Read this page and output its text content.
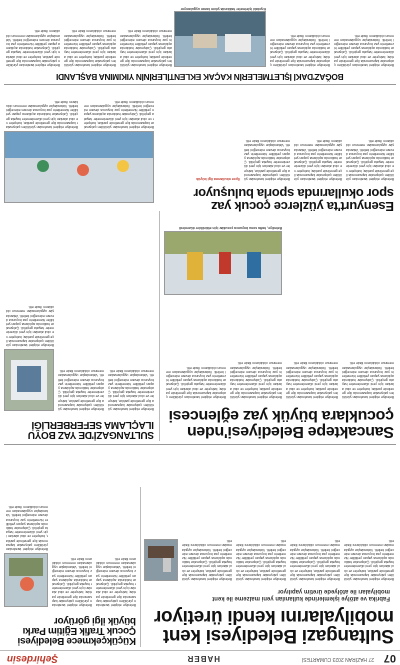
07
27 HAZİRAN 2023 CUMARTESİ
HABER
Şehirdesin
Sultangazi Belediyesi kent
mobilyalarını kendi üretiyor
Fabrika ve atölye işlemlerinde kullanılan yeni malzeme ile kent mobilyaları ile atölyede üretim yapılıyor
Belediye ekipleri tarafından yürütülen çalışmalar kapsamında ilçe genelinde parklar, bahçeler ve okul alanları için yeni düzenlemeler hayata geçirildi. Çalışmalar hakkında açıklama yapan yetkililer hizmetlerin yaz boyunca devam edeceğini belirtti. Vatandaşlar uygulamadan memnun olduklarını ifade etti.
Belediye ekipleri tarafından yürütülen çalışmalar kapsamında ilçe genelinde parklar, bahçeler ve okul alanları için yeni düzenlemeler hayata geçirildi. Çalışmalar hakkında açıklama yapan yetkililer hizmetlerin yaz boyunca devam edeceğini belirtti. Vatandaşlar uygulamadan memnun olduklarını ifade etti.
Belediye ekipleri tarafından yürütülen çalışmalar kapsamında ilçe genelinde parklar, bahçeler ve okul alanları için yeni düzenlemeler hayata geçirildi. Çalışmalar hakkında açıklama yapan yetkililer hizmetlerin yaz boyunca devam edeceğini belirtti. Vatandaşlar uygulamadan memnun olduklarını ifade etti.
Belediye ekipleri tarafından yürütülen çalışmalar kapsamında ilçe genelinde parklar, bahçeler ve okul alanları için yeni düzenlemeler hayata geçirildi. Çalışmalar hakkında açıklama yapan yetkililer hizmetlerin yaz boyunca devam edeceğini belirtti. Vatandaşlar uygulamadan memnun olduklarını ifade etti.
Küçükçekmece Belediyesi
Çocuk Trafik Eğitim Parkı
büyük ilgi görüyor
Belediye ekipleri tarafından yürütülen çalışmalar kapsamında ilçe genelinde parklar, bahçeler ve okul alanları için yeni düzenlemeler hayata geçirildi. Çalışmalar hakkında açıklama yapan yetkililer hizmetlerin yaz boyunca devam edeceğini belirtti. Vatandaşlar uygulamadan memnun olduklarını ifade etti.
Belediye ekipleri tarafından yürütülen çalışmalar kapsamında ilçe genelinde parklar, bahçeler ve okul alanları için yeni düzenlemeler hayata geçirildi. Çalışmalar hakkında açıklama yapan yetkililer hizmetlerin yaz boyunca devam edeceğini belirtti. Vatandaşlar uygulamadan memnun olduklarını ifade etti.
Belediye ekipleri tarafından yürütülen çalışmalar kapsamında ilçe genelinde parklar, bahçeler ve okul alanları için yeni düzenlemeler hayata geçirildi. Çalışmalar hakkında açıklama yapan yetkililer hizmetlerin yaz boyunca devam edeceğini belirtti. Vatandaşlar uygulamadan memnun olduklarını ifade etti.
Sancaktepe Belediyesi'nden
çocuklara büyük yaz eğlencesi
Belediye ekipleri tarafından yürütülen çalışmalar kapsamında ilçe genelinde parklar, bahçeler ve okul alanları için yeni düzenlemeler hayata geçirildi. Çalışmalar hakkında açıklama yapan yetkililer hizmetlerin yaz boyunca devam edeceğini belirtti. Vatandaşlar uygulamadan memnun olduklarını ifade etti.
Belediye ekipleri tarafından yürütülen çalışmalar kapsamında ilçe genelinde parklar, bahçeler ve okul alanları için yeni düzenlemeler hayata geçirildi. Çalışmalar hakkında açıklama yapan yetkililer hizmetlerin yaz boyunca devam edeceğini belirtti. Vatandaşlar uygulamadan memnun olduklarını ifade etti.
Belediye ekipleri tarafından yürütülen çalışmalar kapsamında ilçe genelinde parklar, bahçeler ve okul alanları için yeni düzenlemeler hayata geçirildi. Çalışmalar hakkında açıklama yapan yetkililer hizmetlerin yaz boyunca devam edeceğini belirtti. Vatandaşlar uygulamadan memnun olduklarını ifade etti.
Belediye, hafta sonu boyunca çocuklar için etkinlikler düzenledi
Belediye ekipleri tarafından yürütülen çalışmalar kapsamında ilçe genelinde parklar, bahçeler ve okul alanları için yeni düzenlemeler hayata geçirildi. Çalışmalar hakkında açıklama yapan yetkililer hizmetlerin yaz boyunca devam edeceğini belirtti. Vatandaşlar uygulamadan memnun olduklarını ifade etti.
SULTANGAZİ'DE YAZ BOYU
ILAÇLAMA SEFERBERLİĞİ
Belediye ekipleri tarafından yürütülen çalışmalar kapsamında ilçe genelinde parklar, bahçeler ve okul alanları için yeni düzenlemeler hayata geçirildi. Çalışmalar hakkında açıklama yapan yetkililer hizmetlerin yaz boyunca devam edeceğini belirtti. Vatandaşlar uygulamadan memnun olduklarını ifade etti.
Belediye ekipleri tarafından yürütülen çalışmalar kapsamında ilçe genelinde parklar, bahçeler ve okul alanları için yeni düzenlemeler hayata geçirildi. Çalışmalar hakkında açıklama yapan yetkililer hizmetlerin yaz boyunca devam edeceğini belirtti. Vatandaşlar uygulamadan memnun olduklarını ifade etti.
Belediye ekipleri tarafından yürütülen çalışmalar kapsamında ilçe genelinde parklar, bahçeler ve okul alanları için yeni düzenlemeler hayata geçirildi. Çalışmalar hakkında açıklama yapan yetkililer hizmetlerin yaz boyunca devam edeceğini belirtti. Vatandaşlar uygulamadan memnun olduklarını ifade etti.
Esenyurt'ta yüzlerce çocuk yaz
spor okullarında sporla buluşuyor
Spor okullarına ilgi büyük	Belediye ekipleri tarafından yürütülen çalışmalar kapsamında ilçe genelinde parklar, bahçeler ve okul alanları için yeni düzenlemeler hayata geçirildi. Çalışmalar hakkında açıklama yapan yetkililer hizmetlerin yaz boyunca devam edeceğini belirtti. Vatandaşlar uygulamadan memnun olduklarını ifade etti.
Belediye ekipleri tarafından yürütülen çalışmalar kapsamında ilçe genelinde parklar, bahçeler ve okul alanları için yeni düzenlemeler hayata geçirildi. Çalışmalar hakkında açıklama yapan yetkililer hizmetlerin yaz boyunca devam edeceğini belirtti. Vatandaşlar uygulamadan memnun olduklarını ifade etti.
Belediye ekipleri tarafından yürütülen çalışmalar kapsamında ilçe genelinde parklar, bahçeler ve okul alanları için yeni düzenlemeler hayata geçirildi. Çalışmalar hakkında açıklama yapan yetkililer hizmetlerin yaz boyunca devam edeceğini belirtti. Vatandaşlar uygulamadan memnun olduklarını ifade etti.
Belediye ekipleri tarafından yürütülen çalışmalar kapsamında ilçe genelinde parklar, bahçeler ve okul alanları için yeni düzenlemeler hayata geçirildi. Çalışmalar hakkında açıklama yapan yetkililer hizmetlerin yaz boyunca devam edeceğini belirtti. Vatandaşlar uygulamadan memnun olduklarını ifade etti.
Belediye ekipleri tarafından yürütülen çalışmalar kapsamında ilçe genelinde parklar, bahçeler ve okul alanları için yeni düzenlemeler hayata geçirildi. Çalışmalar hakkında açıklama yapan yetkililer hizmetlerin yaz boyunca devam edeceğini belirtti. Vatandaşlar uygulamadan memnun olduklarını ifade etti.
BOĞAZ'DAKİ İŞLETMELERİN KAÇAK EKLENTİLERİNİN YIKIMINA BAŞLANDI
Belediye ekipleri tarafından yürütülen çalışmalar kapsamında ilçe genelinde parklar, bahçeler ve okul alanları için yeni düzenlemeler hayata geçirildi. Çalışmalar hakkında açıklama yapan yetkililer hizmetlerin yaz boyunca devam edeceğini belirtti. Vatandaşlar uygulamadan memnun olduklarını ifade etti.
Belediye ekipleri tarafından yürütülen çalışmalar kapsamında ilçe genelinde parklar, bahçeler ve okul alanları için yeni düzenlemeler hayata geçirildi. Çalışmalar hakkında açıklama yapan yetkililer hizmetlerin yaz boyunca devam edeceğini belirtti. Vatandaşlar uygulamadan memnun olduklarını ifade etti.
Kıyıdaki işletmeler hakkında yıkım kararı uygulanıyor
Belediye ekipleri tarafından yürütülen çalışmalar kapsamında ilçe genelinde parklar, bahçeler ve okul alanları için yeni düzenlemeler hayata geçirildi. Çalışmalar hakkında açıklama yapan yetkililer hizmetlerin yaz boyunca devam edeceğini belirtti. Vatandaşlar uygulamadan memnun olduklarını ifade etti.
Belediye ekipleri tarafından yürütülen çalışmalar kapsamında ilçe genelinde parklar, bahçeler ve okul alanları için yeni düzenlemeler hayata geçirildi. Çalışmalar hakkında açıklama yapan yetkililer hizmetlerin yaz boyunca devam edeceğini belirtti. Vatandaşlar uygulamadan memnun olduklarını ifade etti.
Belediye ekipleri tarafından yürütülen çalışmalar kapsamında ilçe genelinde parklar, bahçeler ve okul alanları için yeni düzenlemeler hayata geçirildi. Çalışmalar hakkında açıklama yapan yetkililer hizmetlerin yaz boyunca devam edeceğini belirtti. Vatandaşlar uygulamadan memnun olduklarını ifade etti.
